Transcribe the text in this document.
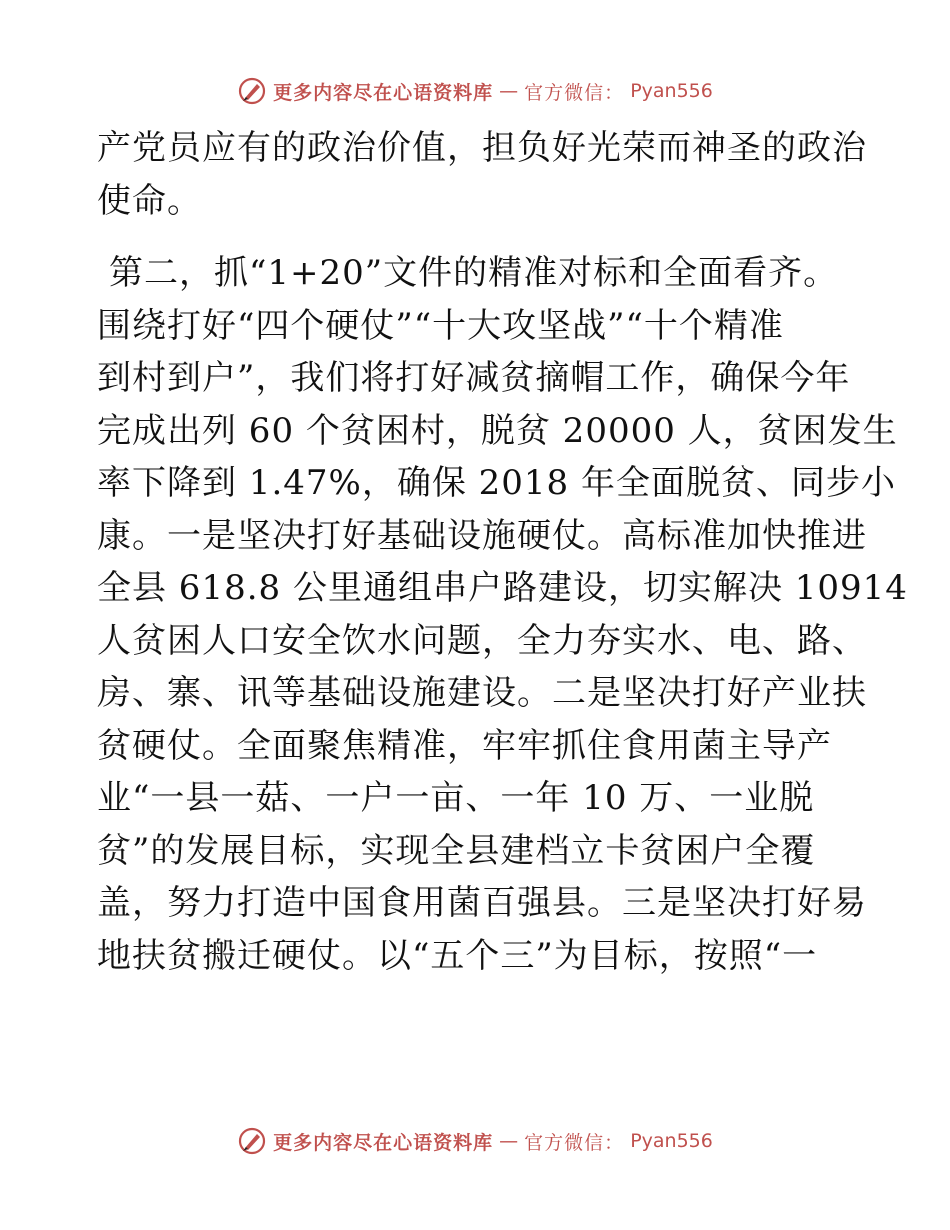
更多内容尽在心语资料库 — 官方微信： Pyan556
产党员应有的政治价值，担负好光荣而神圣的政治
使命。
第二，抓“1+20”文件的精准对标和全面看齐。
围绕打好“四个硬仗”“十大攻坚战”“十个精准
到村到户”，我们将打好减贫摘帽工作，确保今年
完成出列 60 个贫困村，脱贫 20000 人，贫困发生
率下降到 1.47%，确保 2018 年全面脱贫、同步小
康。一是坚决打好基础设施硬仗。高标准加快推进
全县 618.8 公里通组串户路建设，切实解决 10914
人贫困人口安全饮水问题，全力夯实水、电、路、
房、寨、讯等基础设施建设。二是坚决打好产业扶
贫硬仗。全面聚焦精准，牢牢抓住食用菌主导产
业“一县一菇、一户一亩、一年 10 万、一业脱
贫”的发展目标，实现全县建档立卡贫困户全覆
盖，努力打造中国食用菌百强县。三是坚决打好易
地扶贫搬迁硬仗。以“五个三”为目标，按照“一
更多内容尽在心语资料库 — 官方微信： Pyan556
